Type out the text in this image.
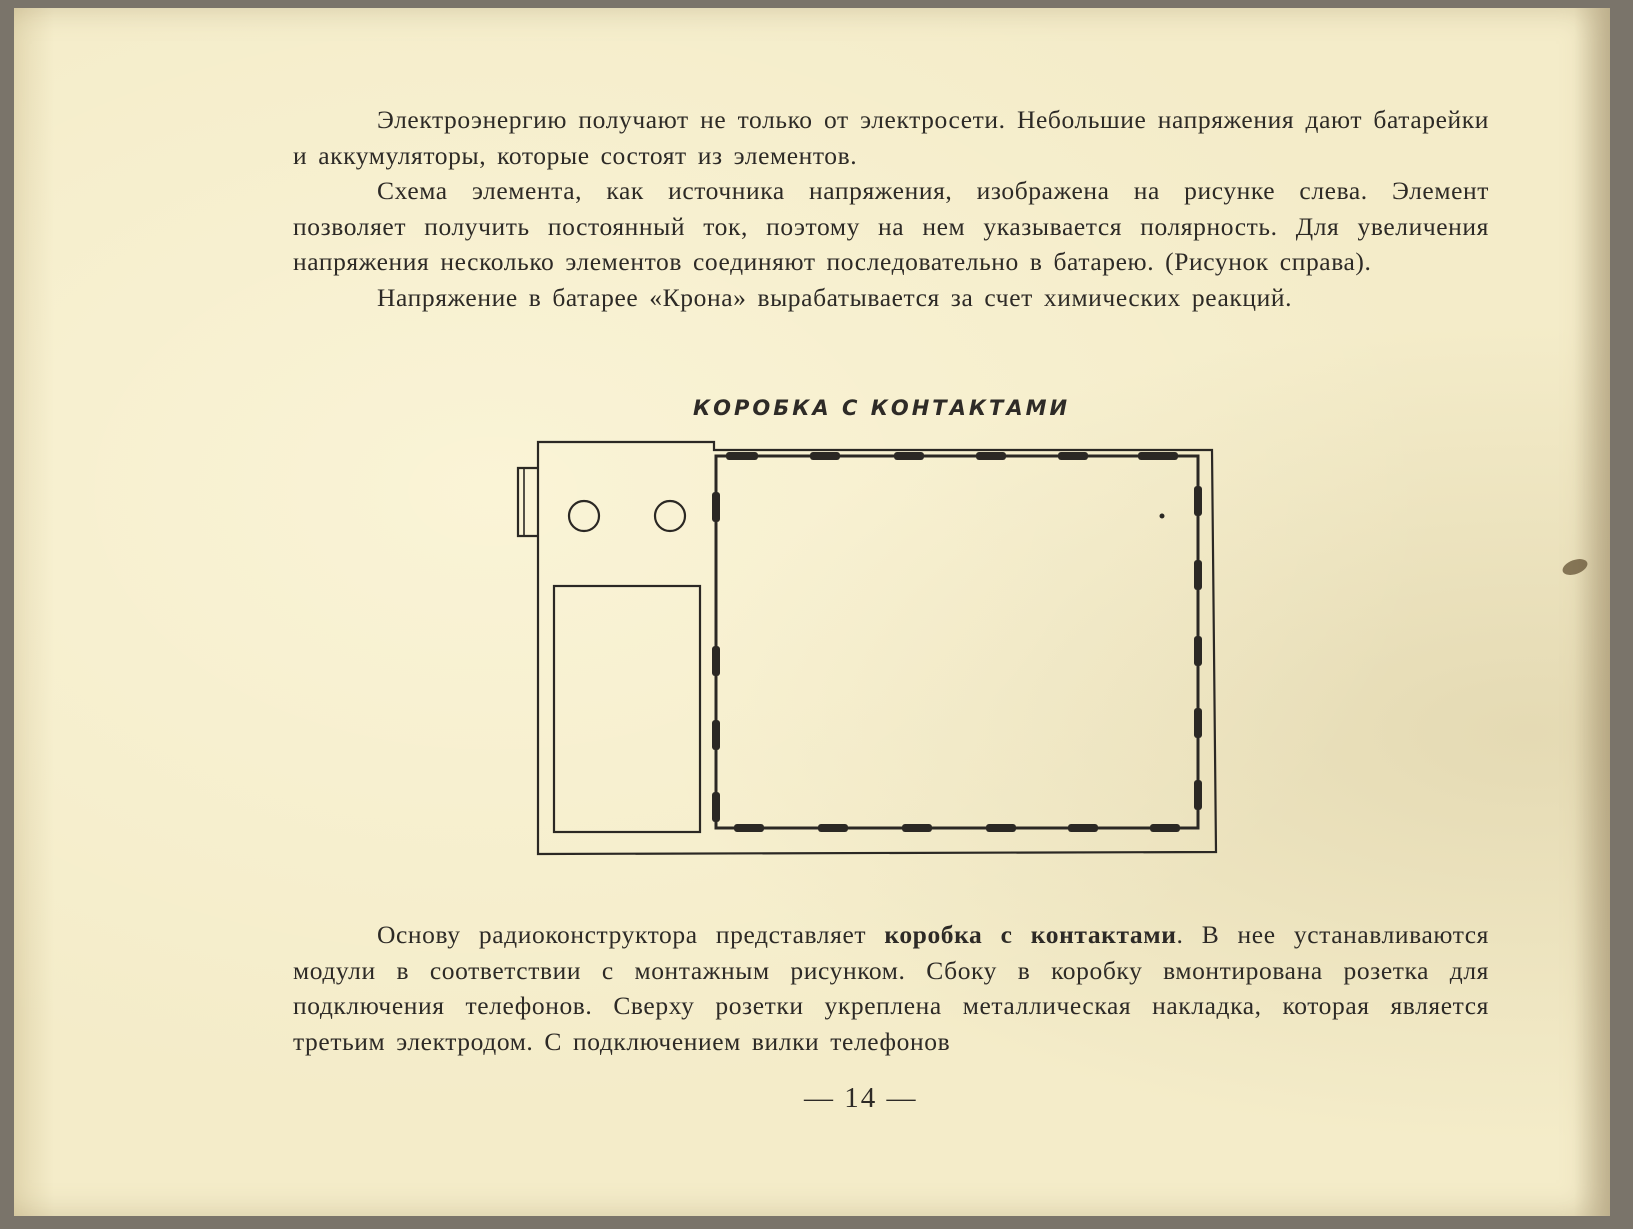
Электроэнергию получают не только от электросети. Небольшие напряжения дают батарейки и аккумуляторы, которые состоят из элементов.

Схема элемента, как источника напряжения, изображена на рисунке слева. Элемент позволяет получить постоянный ток, поэтому на нем указывается полярность. Для увеличения напряжения несколько элементов соединяют последовательно в батарею. (Рисунок справа).

Напряжение в батарее «Крона» вырабатывается за счет химических реакций.

КОРОБКА С КОНТАКТАМИ

Основу радиоконструктора представляет коробка с контактами. В нее устанавливаются модули в соответствии с монтажным рисунком. Сбоку в коробку вмонтирована розетка для подключения телефонов. Сверху розетки укреплена металлическая накладка, которая является третьим электродом. С подключением вилки телефонов

— 14 —
